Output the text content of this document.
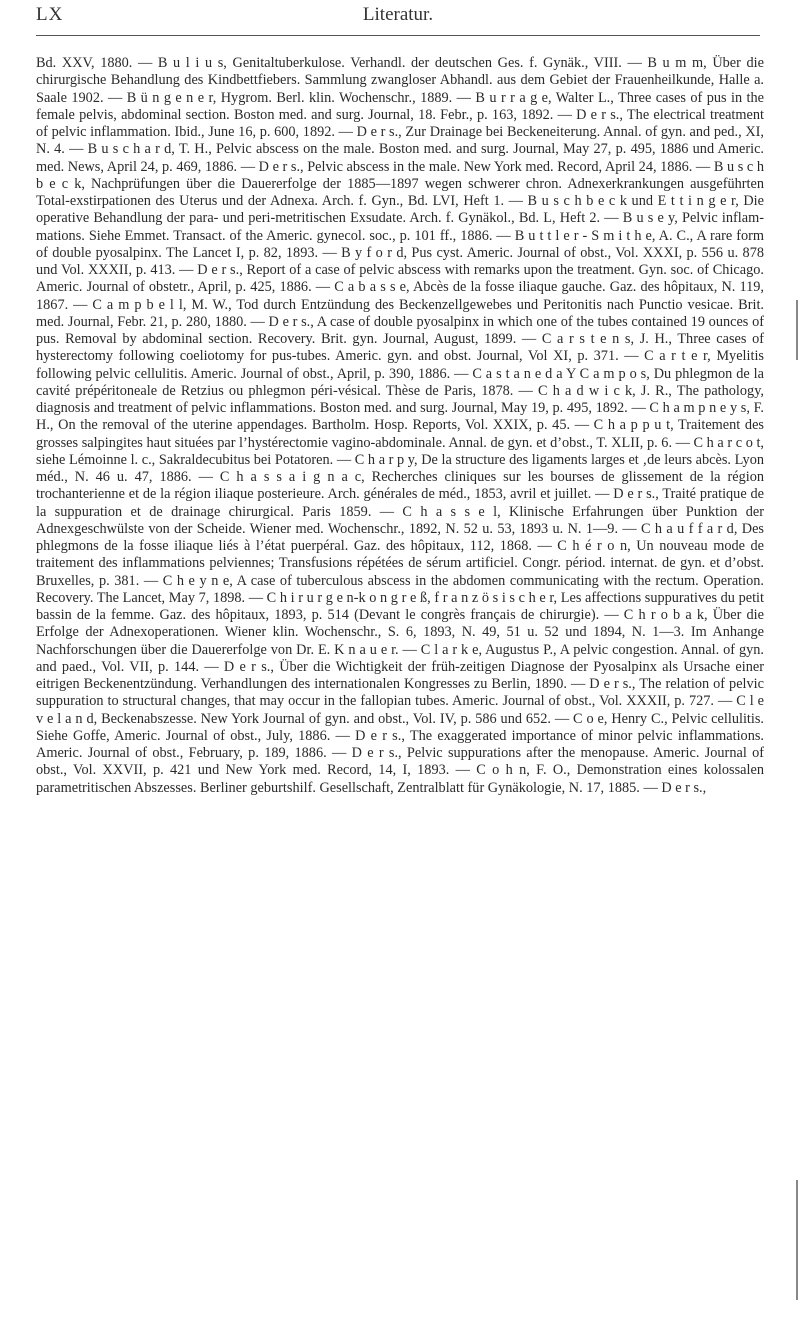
LX	Literatur.

Bd. XXV, 1880. — B u l i u s, Genitaltuberkulose. Verhandl. der deutschen Ges. f. Gynäk., VIII. — B u m m, Über die chirurgische Behandlung des Kindbettfiebers. Sammlung zwangloser Abhandl. aus dem Gebiet der Frauenheilkunde, Halle a. Saale 1902. — B ü n g e n e r, Hygrom. Berl. klin. Wochenschr., 1889. — B u r r a g e, Walter L., Three cases of pus in the female pelvis, abdominal section. Boston med. and surg. Journal, 18. Febr., p. 163, 1892. — D e r s., The electrical treatment of pelvic inflammation. Ibid., June 16, p. 600, 1892. — D e r s., Zur Drainage bei Beckeneiterung. Annal. of gyn. and ped., XI, N. 4. — B u s c h a r d, T. H., Pelvic abscess on the male. Boston med. and surg. Journal, May 27, p. 495, 1886 und Americ. med. News, April 24, p. 469, 1886. — D e r s., Pelvic abscess in the male. New York med. Record, April 24, 1886. — B u s c h b e c k, Nachprüfungen über die Dauererfolge der 1885—1897 wegen schwerer chron. Adnexerkrankungen ausgeführten Total-exstirpationen des Uterus und der Adnexa. Arch. f. Gyn., Bd. LVI, Heft 1. — B u s c h b e c k und E t t i n g e r, Die operative Behandlung der para- und peri-metritischen Exsudate. Arch. f. Gynäkol., Bd. L, Heft 2. — B u s e y, Pelvic inflam-mations. Siehe Emmet. Transact. of the Americ. gynecol. soc., p. 101 ff., 1886. — B u t t l e r - S m i t h e, A. C., A rare form of double pyosalpinx. The Lancet I, p. 82, 1893. — B y f o r d, Pus cyst. Americ. Journal of obst., Vol. XXXI, p. 556 u. 878 und Vol. XXXII, p. 413. — D e r s., Report of a case of pelvic abscess with remarks upon the treatment. Gyn. soc. of Chicago. Americ. Journal of obstetr., April, p. 425, 1886. — C a b a s s e, Abcès de la fosse iliaque gauche. Gaz. des hôpitaux, N. 119, 1867. — C a m p b e l l, M. W., Tod durch Entzündung des Beckenzellgewebes und Peritonitis nach Punctio vesicae. Brit. med. Journal, Febr. 21, p. 280, 1880. — D e r s., A case of double pyosalpinx in which one of the tubes contained 19 ounces of pus. Removal by abdominal section. Recovery. Brit. gyn. Journal, August, 1899. — C a r s t e n s, J. H., Three cases of hysterectomy following coeliotomy for pus-tubes. Americ. gyn. and obst. Journal, Vol XI, p. 371. — C a r t e r, Myelitis following pelvic cellulitis. Americ. Journal of obst., April, p. 390, 1886. — C a s t a n e d a Y C a m p o s, Du phlegmon de la cavité prépéritoneale de Retzius ou phlegmon péri-vésical. Thèse de Paris, 1878. — C h a d w i c k, J. R., The pathology, diagnosis and treatment of pelvic inflammations. Boston med. and surg. Journal, May 19, p. 495, 1892. — C h a m p n e y s, F. H., On the removal of the uterine appendages. Bartholm. Hosp. Reports, Vol. XXIX, p. 45. — C h a p p u t, Traitement des grosses salpingites haut situées par l’hystérectomie vagino-abdominale. Annal. de gyn. et d’obst., T. XLII, p. 6. — C h a r c o t, siehe Lémoinne l. c., Sakraldecubitus bei Potatoren. — C h a r p y, De la structure des ligaments larges et ‚de leurs abcès. Lyon méd., N. 46 u. 47, 1886. — C h a s s a i g n a c, Recherches cliniques sur les bourses de glissement de la région trochanterienne et de la région iliaque posterieure. Arch. générales de méd., 1853, avril et juillet. — D e r s., Traité pratique de la suppuration et de drainage chirurgical. Paris 1859. — C h a s s e l, Klinische Erfahrungen über Punktion der Adnexgeschwülste von der Scheide. Wiener med. Wochenschr., 1892, N. 52 u. 53, 1893 u. N. 1—9. — C h a u f f a r d, Des phlegmons de la fosse iliaque liés à l’état puerpéral. Gaz. des hôpitaux, 112, 1868. — C h é r o n, Un nouveau mode de traitement des inflammations pelviennes; Transfusions répétées de sérum artificiel. Congr. périod. internat. de gyn. et d’obst. Bruxelles, p. 381. — C h e y n e, A case of tuberculous abscess in the abdomen communicating with the rectum. Operation. Recovery. The Lancet, May 7, 1898. — C h i r u r g e n-k o n g r e ß, f r a n z ö s i s c h e r, Les affections suppuratives du petit bassin de la femme. Gaz. des hôpitaux, 1893, p. 514 (Devant le congrès français de chirurgie). — C h r o b a k, Über die Erfolge der Adnexoperationen. Wiener klin. Wochenschr., S. 6, 1893, N. 49, 51 u. 52 und 1894, N. 1—3. Im Anhange Nachforschungen über die Dauererfolge von Dr. E. K n a u e r. — C l a r k e, Augustus P., A pelvic congestion. Annal. of gyn. and paed., Vol. VII, p. 144. — D e r s., Über die Wichtigkeit der früh-zeitigen Diagnose der Pyosalpinx als Ursache einer eitrigen Beckenentzündung. Verhandlungen des internationalen Kongresses zu Berlin, 1890. — D e r s., The relation of pelvic suppuration to structural changes, that may occur in the fallopian tubes. Americ. Journal of obst., Vol. XXXII, p. 727. — C l e v e l a n d, Beckenabszesse. New York Journal of gyn. and obst., Vol. IV, p. 586 und 652. — C o e, Henry C., Pelvic cellulitis. Siehe Goffe, Americ. Journal of obst., July, 1886. — D e r s., The exaggerated importance of minor pelvic inflammations. Americ. Journal of obst., February, p. 189, 1886. — D e r s., Pelvic suppurations after the menopause. Americ. Journal of obst., Vol. XXVII, p. 421 und New York med. Record, 14, I, 1893. — C o h n, F. O., Demonstration eines kolossalen parametritischen Abszesses. Berliner geburtshilf. Gesellschaft, Zentralblatt für Gynäkologie, N. 17, 1885. — D e r s.,
